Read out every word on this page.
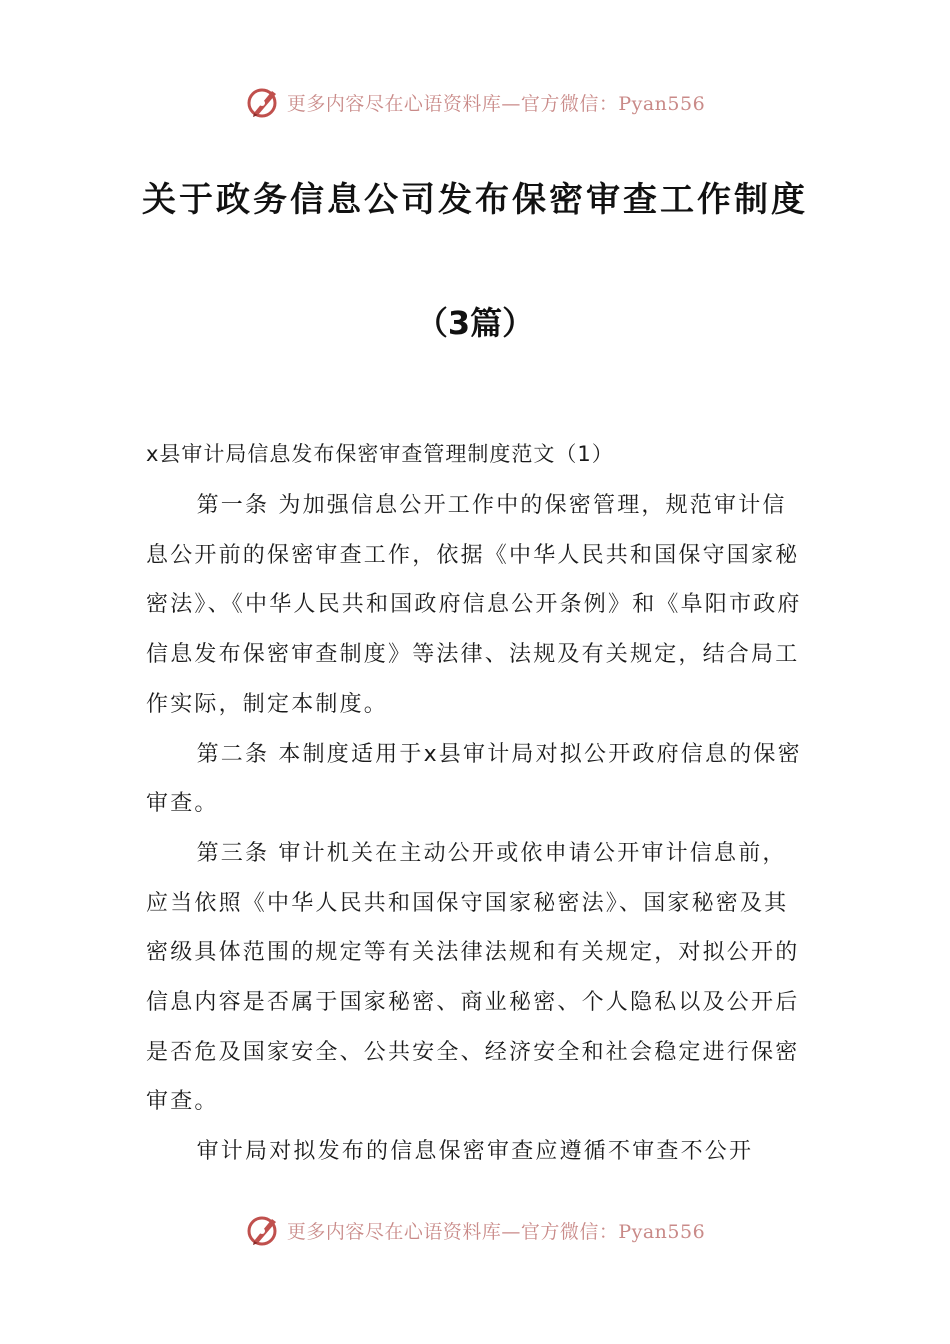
更多内容尽在心语资料库—官方微信：Pyan556
关于政务信息公司发布保密审查工作制度
（3篇）

x县审计局信息发布保密审查管理制度范文（1）

第一条 为加强信息公开工作中的保密管理，规范审计信息公开前的保密审查工作，依据《中华人民共和国保守国家秘密法》、《中华人民共和国政府信息公开条例》和《阜阳市政府信息发布保密审查制度》等法律、法规及有关规定，结合局工作实际，制定本制度。

第二条 本制度适用于x县审计局对拟公开政府信息的保密审查。

第三条 审计机关在主动公开或依申请公开审计信息前，应当依照《中华人民共和国保守国家秘密法》、国家秘密及其密级具体范围的规定等有关法律法规和有关规定，对拟公开的信息内容是否属于国家秘密、商业秘密、个人隐私以及公开后是否危及国家安全、公共安全、经济安全和社会稳定进行保密审查。

审计局对拟发布的信息保密审查应遵循不审查不公开

更多内容尽在心语资料库—官方微信：Pyan556
